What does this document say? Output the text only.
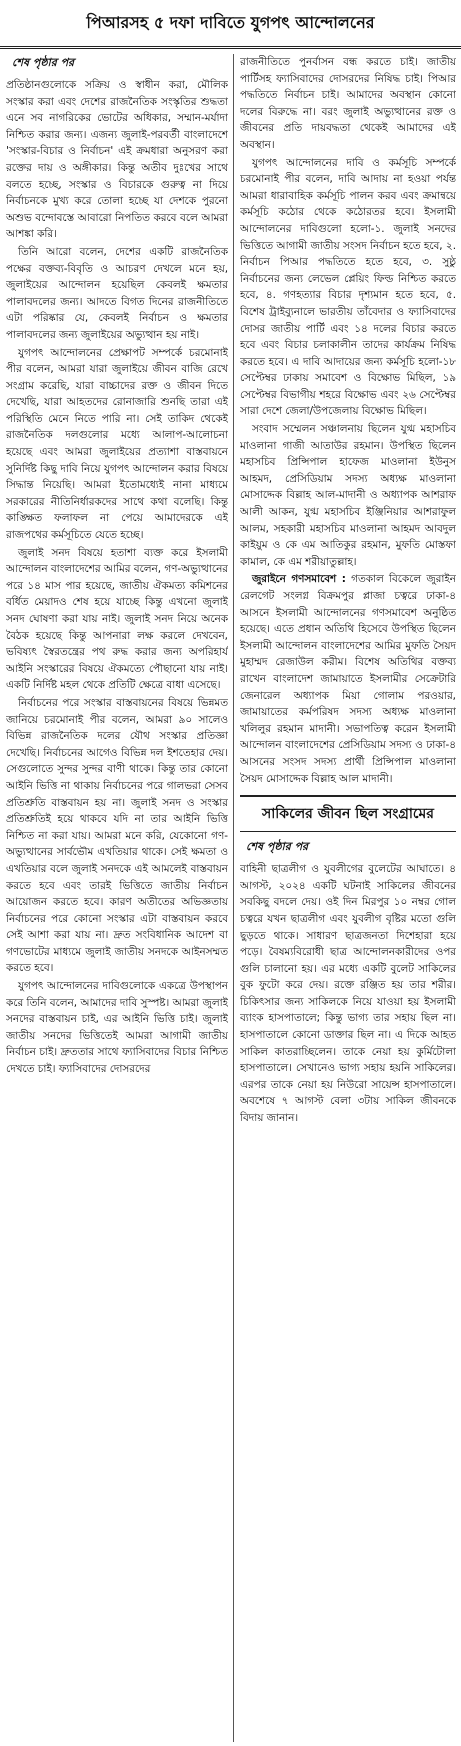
পিআরসহ ৫ দফা দাবিতে যুগপৎ আন্দোলনের
শেষ পৃষ্ঠার পর

প্রতিষ্ঠানগুলোকে সক্রিয় ও স্বাধীন করা, মৌলিক সংস্কার করা এবং দেশের রাজনৈতিক সংস্কৃতির শুদ্ধতা এনে সব নাগরিকের ভোটের অধিকার, সম্মান-মর্যাদা নিশ্চিত করার জন্য। এজন্য জুলাই-পরবর্তী বাংলাদেশে 'সংস্কার-বিচার ও নির্বাচন' এই ক্রমধারা অনুসরণ করা রক্তের দায় ও অঙ্গীকার। কিন্তু অতীব দুঃখের সাথে বলতে হচ্ছে, সংস্কার ও বিচারকে গুরুত্ব না দিয়ে নির্বাচনকে মুখ্য করে তোলা হচ্ছে যা দেশকে পুরনো অশুভ বন্দোবস্তে আবারো নিপতিত করবে বলে আমরা আশঙ্কা করি।

তিনি আরো বলেন, দেশের একটি রাজনৈতিক পক্ষের বক্তব্য-বিবৃতি ও আচরণ দেখলে মনে হয়, জুলাইয়ের আন্দোলন হয়েছিল কেবলই ক্ষমতার পালাবদলের জন্য। আদতে বিগত দিনের রাজনীতিতে এটা পরিষ্কার যে, কেবলই নির্বাচন ও ক্ষমতার পালাবদলের জন্য জুলাইয়ের অভ্যুত্থান হয় নাই।

যুগপৎ আন্দোলনের প্রেক্ষাপট সম্পর্কে চরমোনাই পীর বলেন, আমরা যারা জুলাইয়ে জীবন বাজি রেখে সংগ্রাম করেছি, যারা বাচ্চাদের রক্ত ও জীবন দিতে দেখেছি, যারা আহতদের রোনাজারি শুনছি তারা এই পরিস্থিতি মেনে নিতে পারি না। সেই তাকিদ থেকেই রাজনৈতিক দলগুলোর মধ্যে আলাপ-আলোচনা হয়েছে এবং আমরা জুলাইয়ের প্রত্যাশা বাস্তবায়নে সুনির্দিষ্ট কিছু দাবি নিয়ে যুগপৎ আন্দোলন করার বিষয়ে সিদ্ধান্ত নিয়েছি। আমরা ইতোমধ্যেই নানা মাধ্যমে সরকারের নীতিনির্ধারকদের সাথে কথা বলেছি। কিন্তু কাঙ্ক্ষিত ফলাফল না পেয়ে আমাদেরকে এই রাজপথের কর্মসূচিতে যেতে হচ্ছে।

জুলাই সনদ বিষয়ে হতাশা ব্যক্ত করে ইসলামী আন্দোলন বাংলাদেশের আমির বলেন, গণ-অভ্যুত্থানের পরে ১৪ মাস পার হয়েছে, জাতীয় ঐকমত্য কমিশনের বর্ধিত মেয়াদও শেষ হয়ে যাচ্ছে কিন্তু এখনো জুলাই সনদ ঘোষণা করা যায় নাই। জুলাই সনদ নিয়ে অনেক বৈঠক হয়েছে কিন্তু আপনারা লক্ষ করলে দেখবেন, ভবিষ্যৎ স্বৈরতন্ত্রের পথ রুদ্ধ করার জন্য অপরিহার্য আইনি সংস্কারের বিষয়ে ঐকমত্যে পৌছানো যায় নাই। একটি নির্দিষ্ট মহল থেকে প্রতিটি ক্ষেত্রে বাধা এসেছে।

নির্বাচনের পরে সংস্কার বাস্তবায়নের বিষয়ে ভিন্নমত জানিয়ে চরমোনাই পীর বলেন, আমরা ৯০ সালেও বিভিন্ন রাজনৈতিক দলের যৌথ সংস্কার প্রতিজ্ঞা দেখেছি। নির্বাচনের আগেও বিভিন্ন দল ইশতেহার দেয়। সেগুলোতে সুন্দর সুন্দর বাণী থাকে। কিন্তু তার কোনো আইনি ভিত্তি না থাকায় নির্বাচনের পরে গালভরা সেসব প্রতিশ্রুতি বাস্তবায়ন হয় না। জুলাই সনদ ও সংস্কার প্রতিশ্রুতিই হয়ে থাকবে যদি না তার আইনি ভিত্তি নিশ্চিত না করা যায়। আমরা মনে করি, যেকোনো গণ-অভ্যুত্থানের সার্বভৌম এখতিয়ার থাকে। সেই ক্ষমতা ও এখতিয়ার বলে জুলাই সনদকে এই আমলেই বাস্তবায়ন করতে হবে এবং তারই ভিত্তিতে জাতীয় নির্বাচন আয়োজন করতে হবে। কারণ অতীতের অভিজ্ঞতায় নির্বাচনের পরে কোনো সংস্কার এটা বাস্তবায়ন করবে সেই আশা করা যায় না। দ্রুত সংবিধানিক আদেশ বা গণভোটের মাধ্যমে জুলাই জাতীয় সনদকে আইনসম্মত করতে হবে।

যুগপৎ আন্দোলনের দাবিগুলোকে একত্রে উপস্থাপন করে তিনি বলেন, আমাদের দাবি সুস্পষ্ট। আমরা জুলাই সনদের বাস্তবায়ন চাই, এর আইনি ভিত্তি চাই। জুলাই জাতীয় সনদের ভিত্তিতেই আমরা আগামী জাতীয় নির্বাচন চাই। দ্রুততার সাথে ফ্যাসিবাদের বিচার নিশ্চিত দেখতে চাই। ফ্যাসিবাদের দোসরদের

রাজনীতিতে পুনর্বাসন বন্ধ করতে চাই। জাতীয় পার্টিসহ ফ্যাসিবাদের দোসরদের নিষিদ্ধ চাই। পিআর পদ্ধতিতে নির্বাচন চাই। আমাদের অবস্থান কোনো দলের বিরুদ্ধে না। বরং জুলাই অভ্যুত্থানের রক্ত ও জীবনের প্রতি দায়বদ্ধতা থেকেই আমাদের এই অবস্থান।

যুগপৎ আন্দোলনের দাবি ও কর্মসূচি সম্পর্কে চরমোনাই পীর বলেন, দাবি আদায় না হওয়া পর্যন্ত আমরা ধারাবাহিক কর্মসূচি পালন করব এবং ক্রমান্বয়ে কর্মসূচি কঠোর থেকে কঠোরতর হবে। ইসলামী আন্দোলনের দাবিগুলো হলো-১. জুলাই সনদের ভিত্তিতে আগামী জাতীয় সংসদ নির্বাচন হতে হবে, ২. নির্বাচন পিআর পদ্ধতিতে হতে হবে, ৩. সুষ্ঠু নির্বাচনের জন্য লেভেল প্লেয়িং ফিল্ড নিশ্চিত করতে হবে, ৪. গণহত্যার বিচার দৃশ্যমান হতে হবে, ৫. বিশেষ ট্রাইব্যুনালে ভারতীয় তাঁবেদার ও ফ্যাসিবাদের দোসর জাতীয় পার্টি এবং ১৪ দলের বিচার করতে হবে এবং বিচার চলাকালীন তাদের কার্যক্রম নিষিদ্ধ করতে হবে। এ দাবি আদায়ের জন্য কর্মসূচি হলো-১৮ সেপ্টেম্বর ঢাকায় সমাবেশ ও বিক্ষোভ মিছিল, ১৯ সেপ্টেম্বর বিভাগীয় শহরে বিক্ষোভ এবং ২৬ সেপ্টেম্বর সারা দেশে জেলা/উপজেলায় বিক্ষোভ মিছিল।

সংবাদ সম্মেলন সঞ্চালনায় ছিলেন যুগ্ম মহাসচিব মাওলানা গাজী আতাউর রহমান। উপস্থিত ছিলেন মহাসচিব প্রিন্সিপাল হাফেজ মাওলানা ইউনুস আহমদ, প্রেসিডিয়াম সদস্য অধ্যক্ষ মাওলানা মোসাদ্দেক বিল্লাহ আল-মাদানী ও অধ্যাপক আশরাফ আলী আকন, যুগ্ম মহাসচিব ইঞ্জিনিয়ার আশরাফুল আলম, সহকারী মহাসচিব মাওলানা আহমদ আবদুল কাইয়ুম ও কে এম আতিকুর রহমান, মুফতি মোস্তফা কামাল, কে এম শরীয়াতুল্লাহ।

জুরাইনে গণসমাবেশ : গতকাল বিকেলে জুরাইন রেলগেট সংলগ্ন বিক্রমপুর প্লাজা চত্বরে ঢাকা-৪ আসনে ইসলামী আন্দোলনের গণসমাবেশ অনুষ্ঠিত হয়েছে। এতে প্রধান অতিথি হিসেবে উপস্থিত ছিলেন ইসলামী আন্দোলন বাংলাদেশের আমির মুফতি সৈয়দ মুহাম্মদ রেজাউল করীম। বিশেষ অতিথির বক্তব্য রাখেন বাংলাদেশ জামায়াতে ইসলামীর সেক্রেটারি জেনারেল অধ্যাপক মিয়া গোলাম পরওয়ার, জামায়াতের কর্মপরিষদ সদস্য অধ্যক্ষ মাওলানা খলিলুর রহমান মাদানী। সভাপতিত্ব করেন ইসলামী আন্দোলন বাংলাদেশের প্রেসিডিয়াম সদস্য ও ঢাকা-৪ আসনের সংসদ সদস্য প্রার্থী প্রিন্সিপাল মাওলানা সৈয়দ মোসাদ্দেক বিল্লাহ আল মাদানী।

সাকিলের জীবন ছিল সংগ্রামের
শেষ পৃষ্ঠার পর

বাহিনী ছাত্রলীগ ও যুবলীগের বুলেটের আঘাতে। ৪ আগস্ট, ২০২৪ একটি ঘটনাই সাকিলের জীবনের সবকিছু বদলে দেয়। ওই দিন মিরপুর ১০ নম্বর গোল চত্বরে যখন ছাত্রলীগ এবং যুবলীগ বৃষ্টির মতো গুলি ছুড়তে থাকে। সাধারণ ছাত্রজনতা দিশেহারা হয়ে পড়ে। বৈষম্যবিরোধী ছাত্র আন্দোলনকারীদের ওপর গুলি চালানো হয়। এর মধ্যে একটি বুলেট সাকিলের বুক ফুটো করে দেয়। রক্তে রঞ্জিত হয় তার শরীর। চিকিৎসার জন্য সাকিলকে নিয়ে যাওয়া হয় ইসলামী ব্যাংক হাসপাতালে; কিন্তু ভাগ্য তার সহায় ছিল না। হাসপাতালে কোনো ডাক্তার ছিল না। এ দিকে আহত সাকিল কাতরাচ্ছিলেন। তাকে নেয়া হয় কুর্মিটোলা হাসপাতালে। সেখানেও ভাগ্য সহায় হয়নি সাকিলের। এরপর তাকে নেয়া হয় নিউরো সায়েন্স হাসপাতালে। অবশেষে ৭ আগস্ট বেলা ৩টায় সাকিল জীবনকে বিদায় জানান।
